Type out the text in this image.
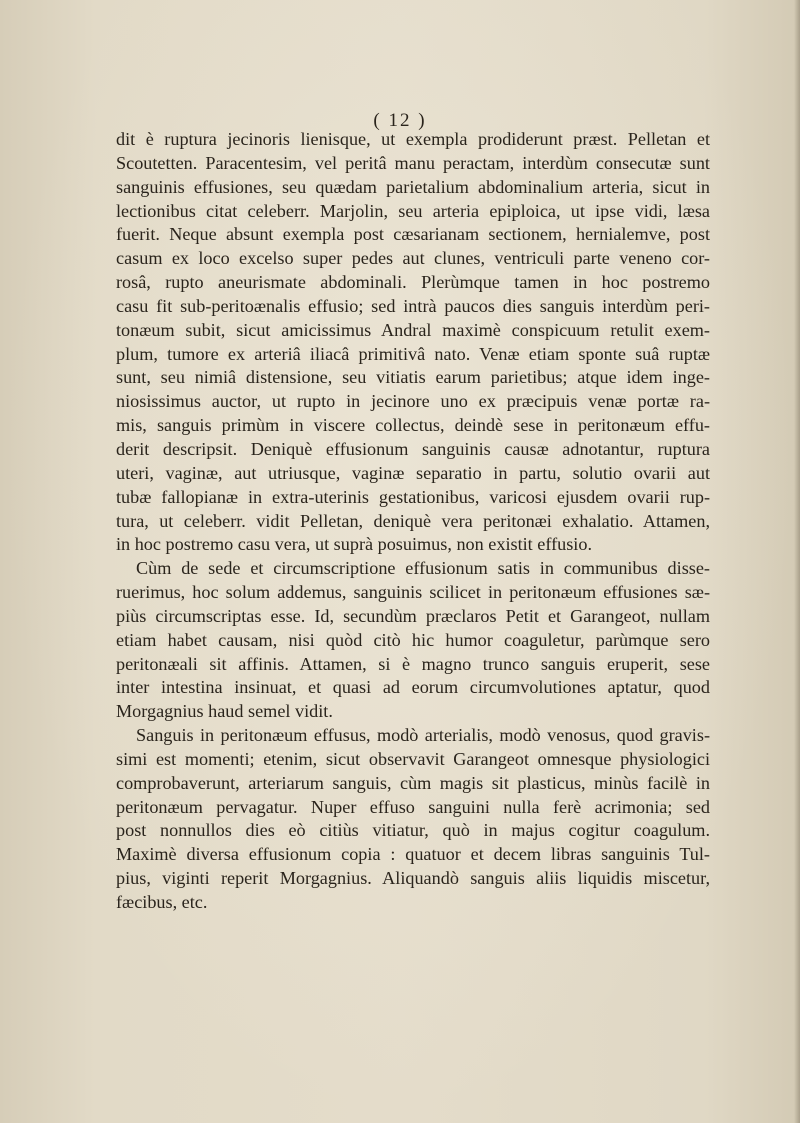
( 12 )
dit è ruptura jecinoris lienisque, ut exempla prodiderunt præst. Pelletan et
Scoutetten. Paracentesim, vel peritâ manu peractam, interdùm consecutæ sunt
sanguinis effusiones, seu quædam parietalium abdominalium arteria, sicut in
lectionibus citat celeberr. Marjolin, seu arteria epiploica, ut ipse vidi, læsa
fuerit. Neque absunt exempla post cæsarianam sectionem, hernialemve, post
casum ex loco excelso super pedes aut clunes, ventriculi parte veneno cor-
rosâ, rupto aneurismate abdominali. Plerùmque tamen in hoc postremo
casu fit sub-peritoænalis effusio; sed intrà paucos dies sanguis interdùm peri-
tonæum subit, sicut amicissimus Andral maximè conspicuum retulit exem-
plum, tumore ex arteriâ iliacâ primitivâ nato. Venæ etiam sponte suâ ruptæ
sunt, seu nimiâ distensione, seu vitiatis earum parietibus; atque idem inge-
niosissimus auctor, ut rupto in jecinore uno ex præcipuis venæ portæ ra-
mis, sanguis primùm in viscere collectus, deindè sese in peritonæum effu-
derit descripsit. Deniquè effusionum sanguinis causæ adnotantur, ruptura
uteri, vaginæ, aut utriusque, vaginæ separatio in partu, solutio ovarii aut
tubæ fallopianæ in extra-uterinis gestationibus, varicosi ejusdem ovarii rup-
tura, ut celeberr. vidit Pelletan, deniquè vera peritonæi exhalatio. Attamen,
in hoc postremo casu vera, ut suprà posuimus, non existit effusio.
Cùm de sede et circumscriptione effusionum satis in communibus disse-
ruerimus, hoc solum addemus, sanguinis scilicet in peritonæum effusiones sæ-
piùs circumscriptas esse. Id, secundùm præclaros Petit et Garangeot, nullam
etiam habet causam, nisi quòd citò hic humor coaguletur, parùmque sero
peritonæali sit affinis. Attamen, si è magno trunco sanguis eruperit, sese
inter intestina insinuat, et quasi ad eorum circumvolutiones aptatur, quod
Morgagnius haud semel vidit.
Sanguis in peritonæum effusus, modò arterialis, modò venosus, quod gravis-
simi est momenti; etenim, sicut observavit Garangeot omnesque physiologici
comprobaverunt, arteriarum sanguis, cùm magis sit plasticus, minùs facilè in
peritonæum pervagatur. Nuper effuso sanguini nulla ferè acrimonia; sed
post nonnullos dies eò citiùs vitiatur, quò in majus cogitur coagulum.
Maximè diversa effusionum copia : quatuor et decem libras sanguinis Tul-
pius, viginti reperit Morgagnius. Aliquandò sanguis aliis liquidis miscetur,
fæcibus, etc.
